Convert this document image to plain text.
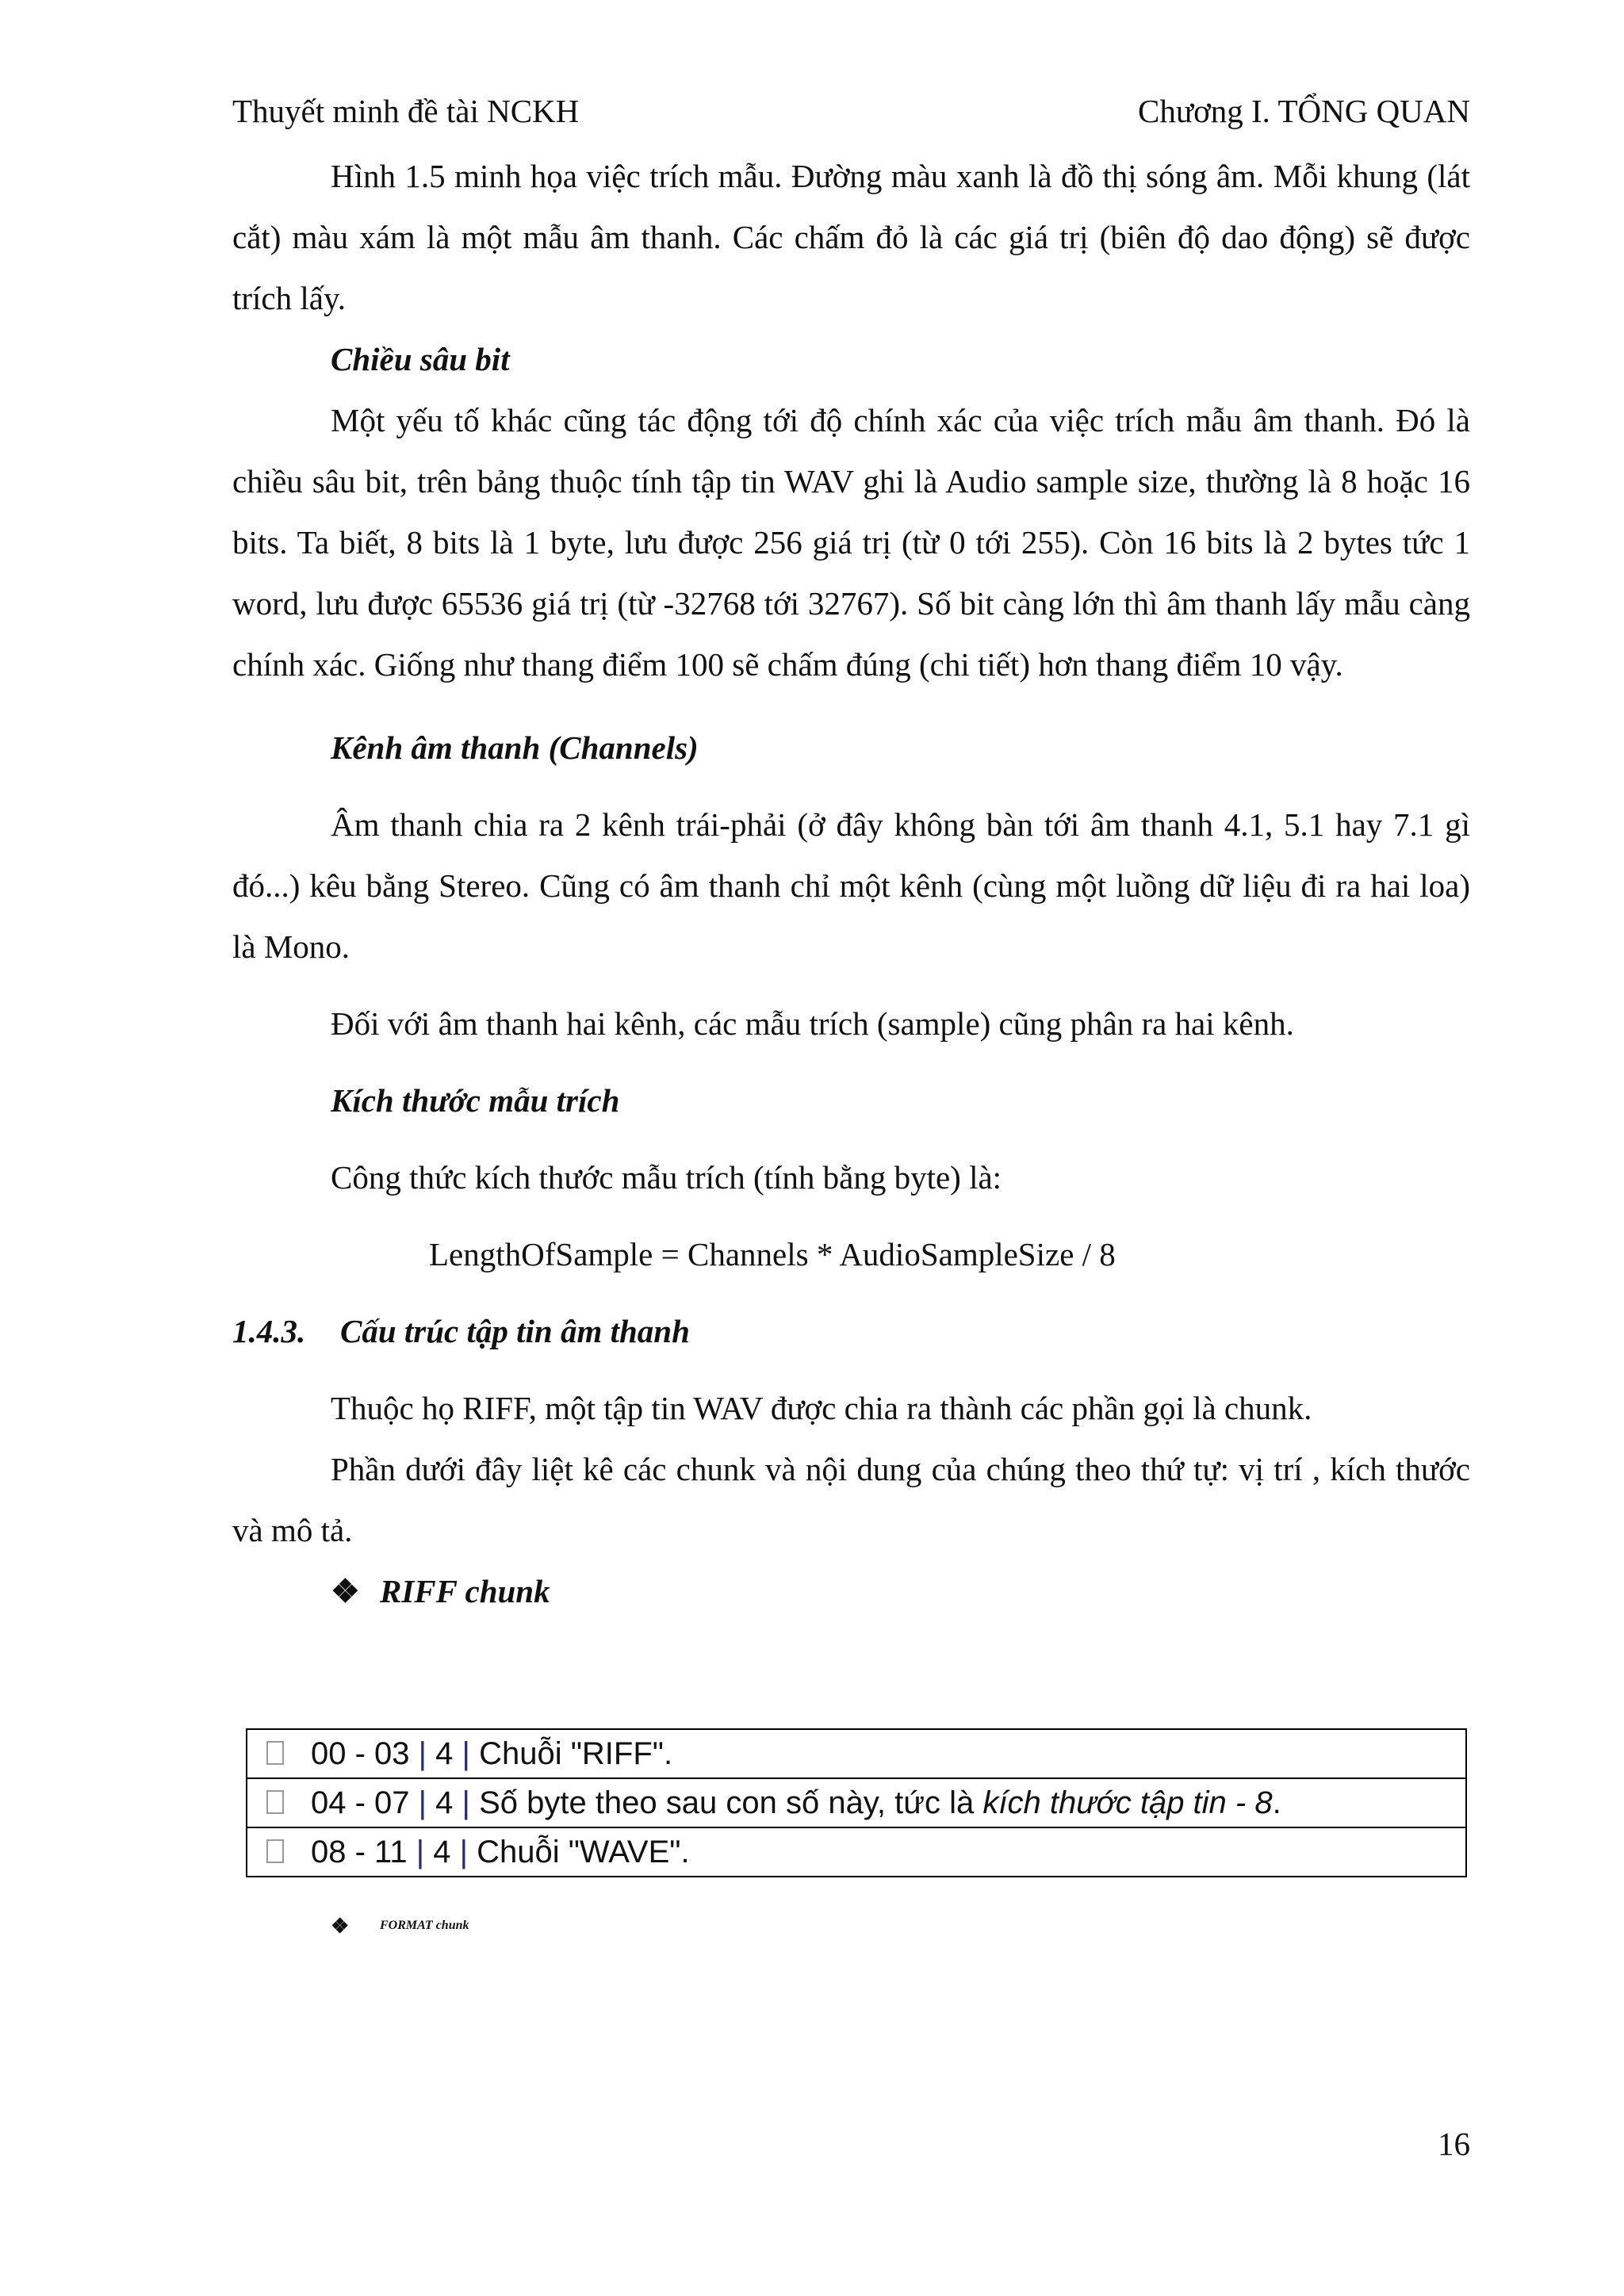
Thuyết minh đề tài NCKH	Chương I. TỔNG QUAN

Hình 1.5 minh họa việc trích mẫu. Đường màu xanh là đồ thị sóng âm. Mỗi khung (lát cắt) màu xám là một mẫu âm thanh. Các chấm đỏ là các giá trị (biên độ dao động) sẽ được trích lấy.

Chiều sâu bit

Một yếu tố khác cũng tác động tới độ chính xác của việc trích mẫu âm thanh. Đó là chiều sâu bit, trên bảng thuộc tính tập tin WAV ghi là Audio sample size, thường là 8 hoặc 16 bits. Ta biết, 8 bits là 1 byte, lưu được 256 giá trị (từ 0 tới 255). Còn 16 bits là 2 bytes tức 1 word, lưu được 65536 giá trị (từ -32768 tới 32767). Số bit càng lớn thì âm thanh lấy mẫu càng chính xác. Giống như thang điểm 100 sẽ chấm đúng (chi tiết) hơn thang điểm 10 vậy.

Kênh âm thanh (Channels)

Âm thanh chia ra 2 kênh trái-phải (ở đây không bàn tới âm thanh 4.1, 5.1 hay 7.1 gì đó...) kêu bằng Stereo. Cũng có âm thanh chỉ một kênh (cùng một luồng dữ liệu đi ra hai loa) là Mono.

Đối với âm thanh hai kênh, các mẫu trích (sample) cũng phân ra hai kênh.

Kích thước mẫu trích

Công thức kích thước mẫu trích (tính bằng byte) là:

LengthOfSample = Channels * AudioSampleSize / 8

1.4.3. Cấu trúc tập tin âm thanh

Thuộc họ RIFF, một tập tin WAV được chia ra thành các phần gọi là chunk.

Phần dưới đây liệt kê các chunk và nội dung của chúng theo thứ tự: vị trí , kích thước và mô tả.

❖ RIFF chunk

00 - 03 | 4 | Chuỗi "RIFF".
04 - 07 | 4 | Số byte theo sau con số này, tức là kích thước tập tin - 8.
08 - 11 | 4 | Chuỗi "WAVE".

❖ FORMAT chunk

16
